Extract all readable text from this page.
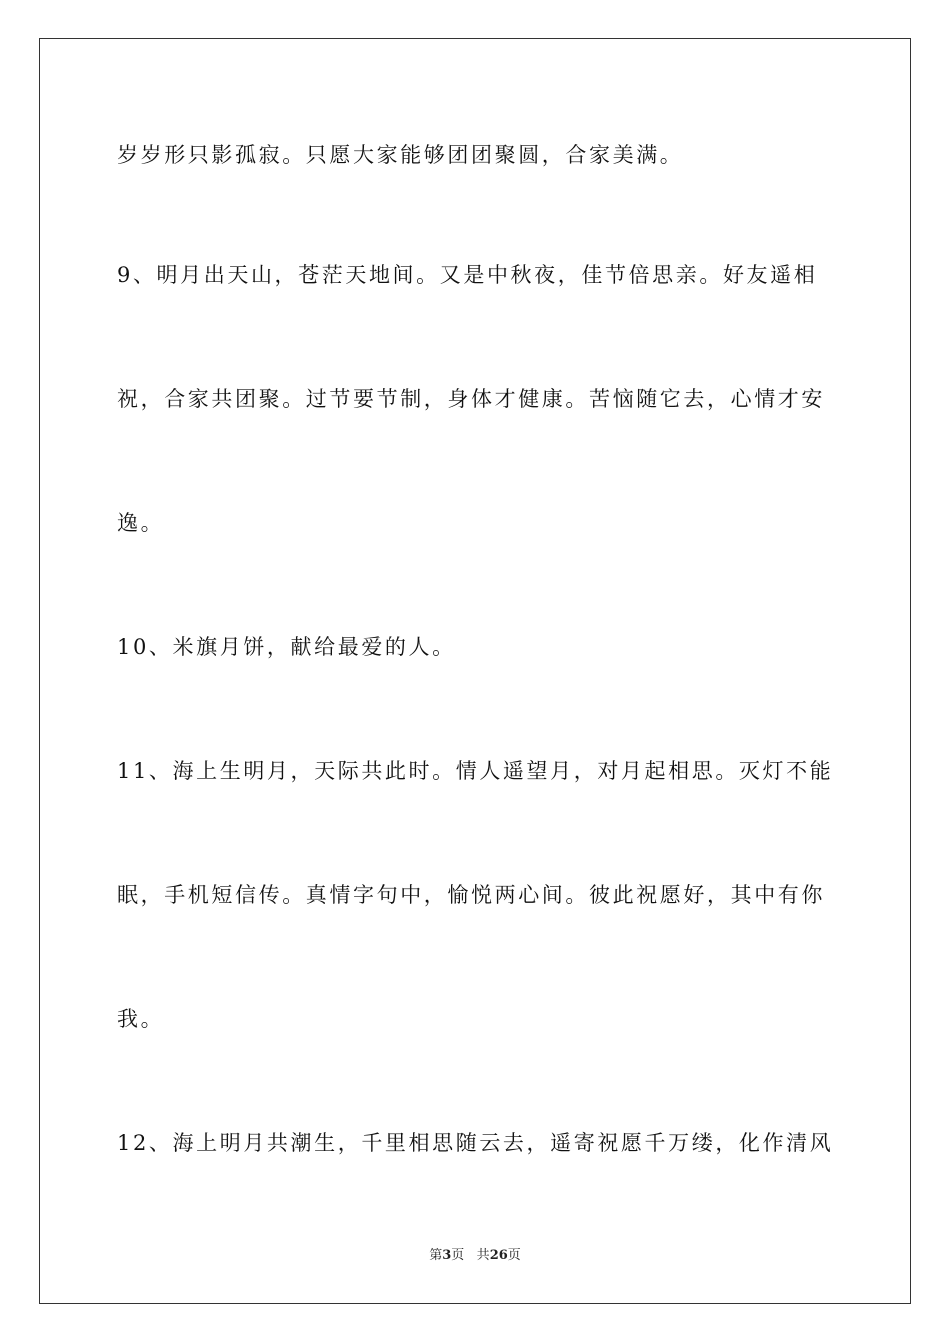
岁岁形只影孤寂。只愿大家能够团团聚圆，合家美满。
9、明月出天山，苍茫天地间。又是中秋夜，佳节倍思亲。好友遥相
祝，合家共团聚。过节要节制，身体才健康。苦恼随它去，心情才安
逸。
10、米旗月饼，献给最爱的人。
11、海上生明月，天际共此时。情人遥望月，对月起相思。灭灯不能
眠，手机短信传。真情字句中，愉悦两心间。彼此祝愿好，其中有你
我。
12、海上明月共潮生，千里相思随云去，遥寄祝愿千万缕，化作清风
第3页 共26页
